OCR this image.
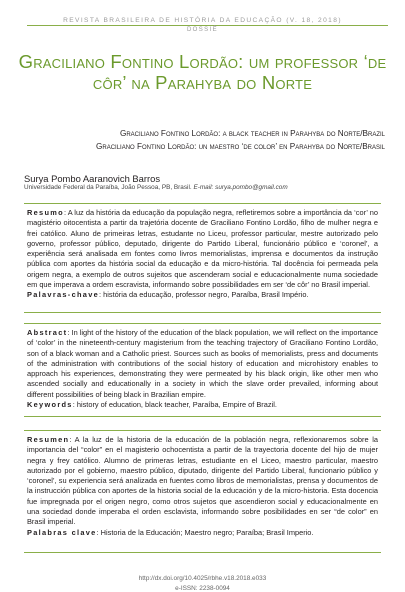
REVISTA BRASILEIRA DE HISTÓRIA DA EDUCAÇÃO (V. 18, 2018)
DOSSIÊ
Graciliano Fontino Lordão: um professor ‘de côr’ na Parahyba do Norte
Graciliano Fontino Lordão: a black teacher in Parahyba do Norte/Brazil
Graciliano Fontino Lordão: un maestro ‘de color’ en Parahyba do Norte/Brasil
Surya Pombo Aaranovich Barros
Universidade Federal da Paraíba, João Pessoa, PB, Brasil. E-mail: surya.pombo@gmail.com

Resumo: A luz da história da educação da população negra, refletiremos sobre a importância da ‘cor’ no magistério oitocentista a partir da trajetória docente de Graciliano Fontino Lordão, filho de mulher negra e frei católico. Aluno de primeiras letras, estudante no Liceu, professor particular, mestre autorizado pelo governo, professor público, deputado, dirigente do Partido Liberal, funcionário público e ‘coronel’, a experiência será analisada em fontes como livros memorialistas, imprensa e documentos da instrução pública com aportes da história social da educação e da micro-história. Tal docência foi permeada pela origem negra, a exemplo de outros sujeitos que ascenderam social e educacionalmente numa sociedade em que imperava a ordem escravista, informando sobre possibilidades em ser ‘de côr’ no Brasil imperial.

Palavras-chave: história da educação, professor negro, Paraíba, Brasil Império.

Abstract: In light of the history of the education of the black population, we will reflect on the importance of ‘color’ in the nineteenth-century magisterium from the teaching trajectory of Graciliano Fontino Lordão, son of a black woman and a Catholic priest. Sources such as books of memorialists, press and documents of the administration with contributions of the social history of education and microhistory enables to approach his experiences, demonstrating they were permeated by his black origin, like other men who ascended socially and educationally in a society in which the slave order prevailed, informing about different possibilities of being black in Brazilian empire.

Keywords: history of education, black teacher, Paraíba, Empire of Brazil.

Resumen: A la luz de la historia de la educación de la población negra, reflexionaremos sobre la importancia del “color” en el magisterio ochocentista a partir de la trayectoria docente del hijo de mujer negra y frey católico. Alumno de primeras letras, estudiante en el Liceo, maestro particular, maestro autorizado por el gobierno, maestro público, diputado, dirigente del Partido Liberal, funcionario público y ‘coronel’, su experiencia será analizada en fuentes como libros de memorialistas, prensa y documentos de la instrucción pública con aportes de la historia social de la educación y de la micro-historia. Esta docencia fue impregnada por el origen negro, como otros sujetos que ascendieron social y educacionalmente en una sociedad donde imperaba el orden esclavista, informando sobre posibilidades en ser “de color” en Brasil imperial.

Palabras clave: Historia de la Educación; Maestro negro; Paraíba; Brasil Imperio.

http://dx.doi.org/10.4025/rbhe.v18.2018.e033
e-ISSN: 2238-0094
